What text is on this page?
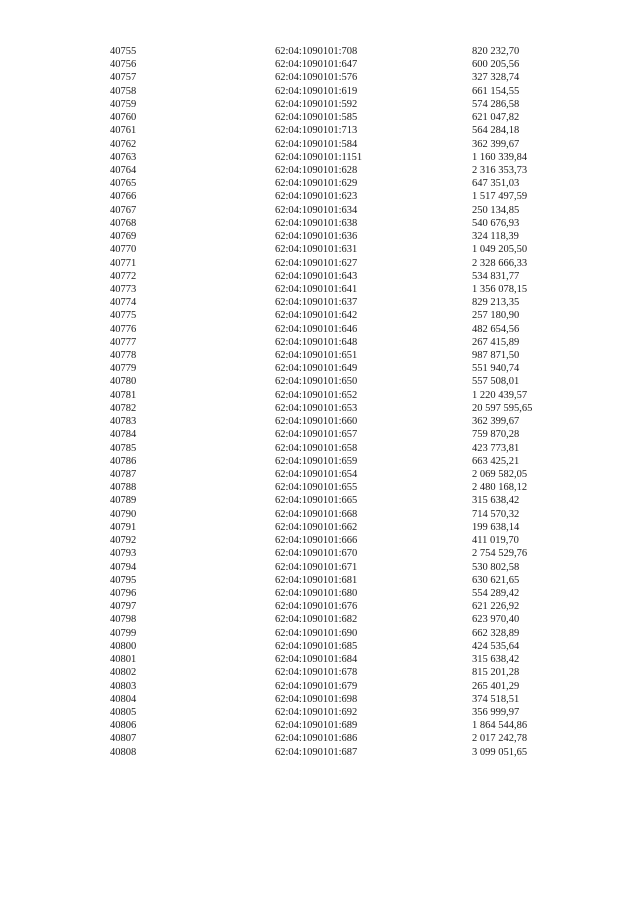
40755	62:04:1090101:708	820 232,70
40756	62:04:1090101:647	600 205,56
40757	62:04:1090101:576	327 328,74
40758	62:04:1090101:619	661 154,55
40759	62:04:1090101:592	574 286,58
40760	62:04:1090101:585	621 047,82
40761	62:04:1090101:713	564 284,18
40762	62:04:1090101:584	362 399,67
40763	62:04:1090101:1151	1 160 339,84
40764	62:04:1090101:628	2 316 353,73
40765	62:04:1090101:629	647 351,03
40766	62:04:1090101:623	1 517 497,59
40767	62:04:1090101:634	250 134,85
40768	62:04:1090101:638	540 676,93
40769	62:04:1090101:636	324 118,39
40770	62:04:1090101:631	1 049 205,50
40771	62:04:1090101:627	2 328 666,33
40772	62:04:1090101:643	534 831,77
40773	62:04:1090101:641	1 356 078,15
40774	62:04:1090101:637	829 213,35
40775	62:04:1090101:642	257 180,90
40776	62:04:1090101:646	482 654,56
40777	62:04:1090101:648	267 415,89
40778	62:04:1090101:651	987 871,50
40779	62:04:1090101:649	551 940,74
40780	62:04:1090101:650	557 508,01
40781	62:04:1090101:652	1 220 439,57
40782	62:04:1090101:653	20 597 595,65
40783	62:04:1090101:660	362 399,67
40784	62:04:1090101:657	759 870,28
40785	62:04:1090101:658	423 773,81
40786	62:04:1090101:659	663 425,21
40787	62:04:1090101:654	2 069 582,05
40788	62:04:1090101:655	2 480 168,12
40789	62:04:1090101:665	315 638,42
40790	62:04:1090101:668	714 570,32
40791	62:04:1090101:662	199 638,14
40792	62:04:1090101:666	411 019,70
40793	62:04:1090101:670	2 754 529,76
40794	62:04:1090101:671	530 802,58
40795	62:04:1090101:681	630 621,65
40796	62:04:1090101:680	554 289,42
40797	62:04:1090101:676	621 226,92
40798	62:04:1090101:682	623 970,40
40799	62:04:1090101:690	662 328,89
40800	62:04:1090101:685	424 535,64
40801	62:04:1090101:684	315 638,42
40802	62:04:1090101:678	815 201,28
40803	62:04:1090101:679	265 401,29
40804	62:04:1090101:698	374 518,51
40805	62:04:1090101:692	356 999,97
40806	62:04:1090101:689	1 864 544,86
40807	62:04:1090101:686	2 017 242,78
40808	62:04:1090101:687	3 099 051,65
